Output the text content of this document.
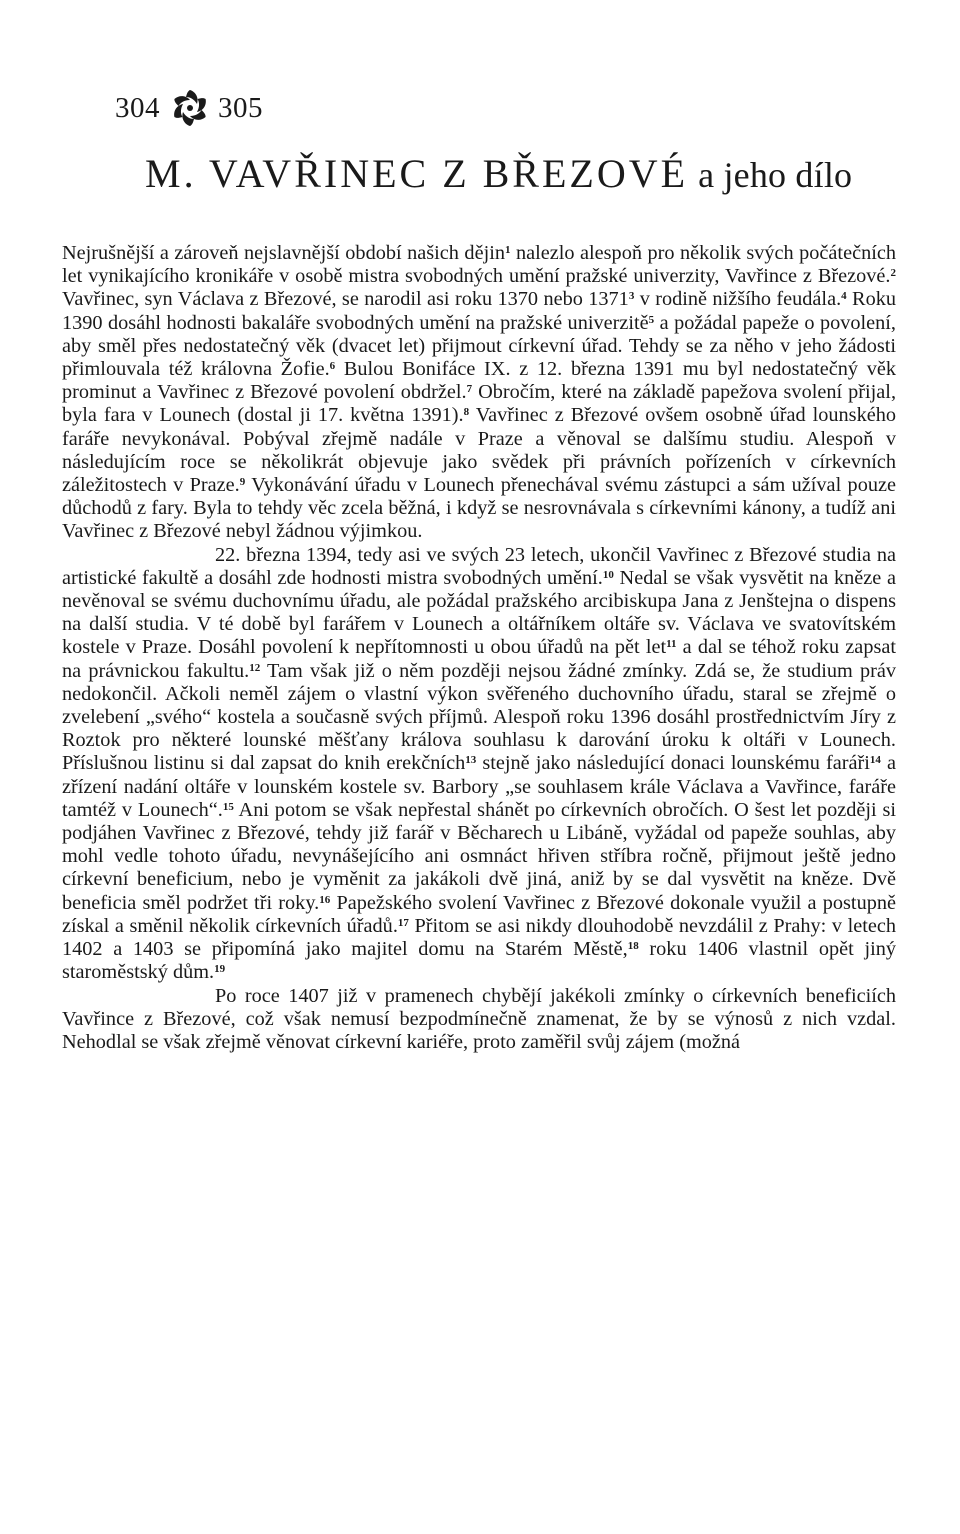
304 305
M. VAVŘINEC Z BŘEZOVÉ a jeho dílo

Nejrušnější a zároveň nejslavnější období našich dějin$^1$ nalezlo alespoň pro několik svých počátečních let vynikajícího kronikáře v osobě mistra svobodných umění pražské univerzity, Vavřince z Březové.$^2$ Vavřinec, syn Václava z Březové, se narodil asi roku 1370 nebo 1371$^3$ v rodině nižšího feudála.$^4$ Roku 1390 dosáhl hodnosti bakaláře svobodných umění na pražské univerzitě$^5$ a požádal papeže o povolení, aby směl přes nedostatečný věk (dvacet let) přijmout církevní úřad. Tehdy se za něho v jeho žádosti přimlouvala též královna Žofie.$^6$ Bulou Bonifáce IX. z 12. března 1391 mu byl nedostatečný věk prominut a Vavřinec z Březové povolení obdržel.$^7$ Obročím, které na základě papežova svolení přijal, byla fara v Lounech (dostal ji 17. května 1391).$^8$ Vavřinec z Březové ovšem osobně úřad lounského faráře nevykonával. Pobýval zřejmě nadále v Praze a věnoval se dalšímu studiu. Alespoň v následujícím roce se několikrát objevuje jako svědek při právních pořízeních v církevních záležitostech v Praze.$^9$ Vykonávání úřadu v Lounech přenechával svému zástupci a sám užíval pouze důchodů z fary. Byla to tehdy věc zcela běžná, i když se nesrovnávala s církevními kánony, a tudíž ani Vavřinec z Březové nebyl žádnou výjimkou.

22. března 1394, tedy asi ve svých 23 letech, ukončil Vavřinec z Březové studia na artistické fakultě a dosáhl zde hodnosti mistra svobodných umění.$^{10}$ Nedal se však vysvětit na kněze a nevěnoval se svému duchovnímu úřadu, ale požádal pražského arcibiskupa Jana z Jenštejna o dispens na další studia. V té době byl farářem v Lounech a oltářníkem oltáře sv. Václava ve svatovítském kostele v Praze. Dosáhl povolení k nepřítomnosti u obou úřadů na pět let$^{11}$ a dal se téhož roku zapsat na právnickou fakultu.$^{12}$ Tam však již o něm později nejsou žádné zmínky. Zdá se, že studium práv nedokončil. Ačkoli neměl zájem o vlastní výkon svěřeného duchovního úřadu, staral se zřejmě o zvelebení „svého“ kostela a současně svých příjmů. Alespoň roku 1396 dosáhl prostřednictvím Jíry z Roztok pro některé lounské měšťany králova souhlasu k darování úroku k oltáři v Lounech. Příslušnou listinu si dal zapsat do knih erekčních$^{13}$ stejně jako následující donaci lounskému faráři$^{14}$ a zřízení nadání oltáře v lounském kostele sv. Barbory „se souhlasem krále Václava a Vavřince, faráře tamtéž v Lounech“.$^{15}$ Ani potom se však nepřestal shánět po církevních obročích. O šest let později si podjáhen Vavřinec z Březové, tehdy již farář v Běcharech u Libáně, vyžádal od papeže souhlas, aby mohl vedle tohoto úřadu, nevynášejícího ani osmnáct hřiven stříbra ročně, přijmout ještě jedno církevní beneficium, nebo je vyměnit za jakákoli dvě jiná, aniž by se dal vysvětit na kněze. Dvě beneficia směl podržet tři roky.$^{16}$ Papežského svolení Vavřinec z Březové dokonale využil a postupně získal a směnil několik církevních úřadů.$^{17}$ Přitom se asi nikdy dlouhodobě nevzdálil z Prahy: v letech 1402 a 1403 se připomíná jako majitel domu na Starém Městě,$^{18}$ roku 1406 vlastnil opět jiný staroměstský dům.$^{19}$

Po roce 1407 již v pramenech chybějí jakékoli zmínky o církevních beneficiích Vavřince z Březové, což však nemusí bezpodmínečně znamenat, že by se výnosů z nich vzdal. Nehodlal se však zřejmě věnovat církevní kariéře, proto zaměřil svůj zájem (možná
